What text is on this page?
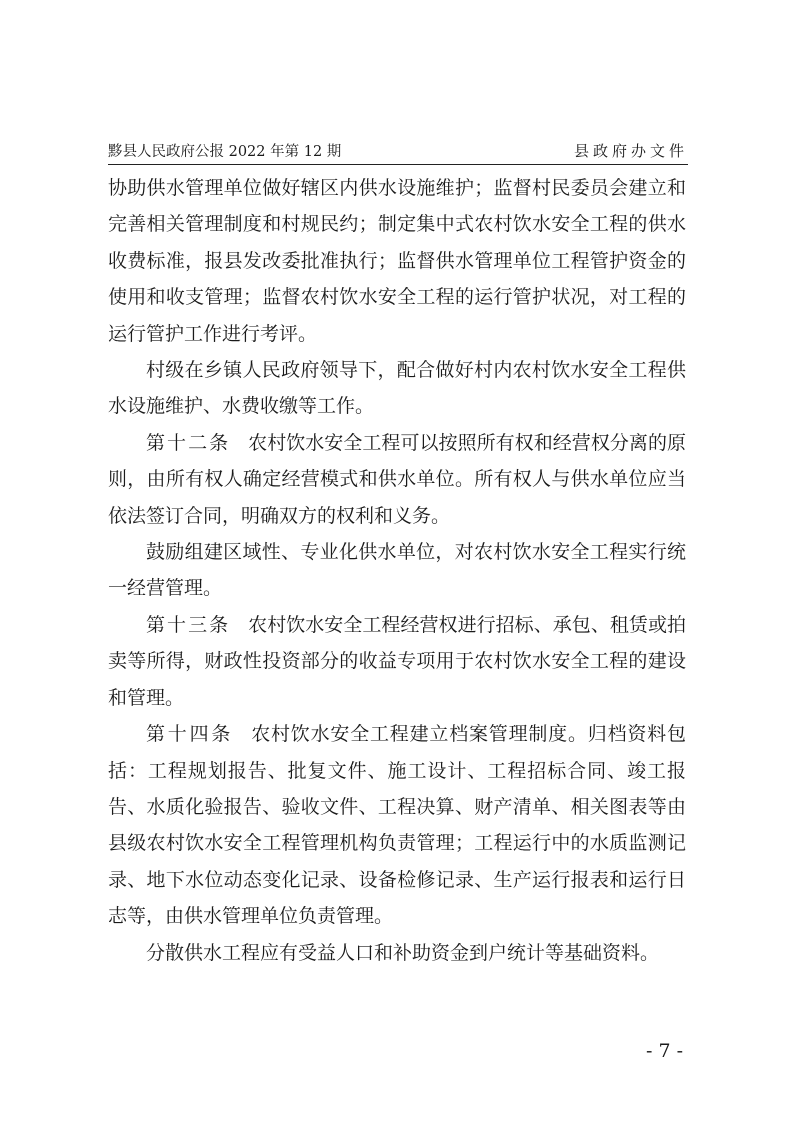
黟县人民政府公报 2022 年第 12 期	县政府办文件

协助供水管理单位做好辖区内供水设施维护；监督村民委员会建立和完善相关管理制度和村规民约；制定集中式农村饮水安全工程的供水收费标准，报县发改委批准执行；监督供水管理单位工程管护资金的使用和收支管理；监督农村饮水安全工程的运行管护状况，对工程的运行管护工作进行考评。

村级在乡镇人民政府领导下，配合做好村内农村饮水安全工程供水设施维护、水费收缴等工作。

第十二条 农村饮水安全工程可以按照所有权和经营权分离的原则，由所有权人确定经营模式和供水单位。所有权人与供水单位应当依法签订合同，明确双方的权利和义务。

鼓励组建区域性、专业化供水单位，对农村饮水安全工程实行统一经营管理。

第十三条 农村饮水安全工程经营权进行招标、承包、租赁或拍卖等所得，财政性投资部分的收益专项用于农村饮水安全工程的建设和管理。

第十四条 农村饮水安全工程建立档案管理制度。归档资料包括：工程规划报告、批复文件、施工设计、工程招标合同、竣工报告、水质化验报告、验收文件、工程决算、财产清单、相关图表等由县级农村饮水安全工程管理机构负责管理；工程运行中的水质监测记录、地下水位动态变化记录、设备检修记录、生产运行报表和运行日志等，由供水管理单位负责管理。

分散供水工程应有受益人口和补助资金到户统计等基础资料。

- 7 -
